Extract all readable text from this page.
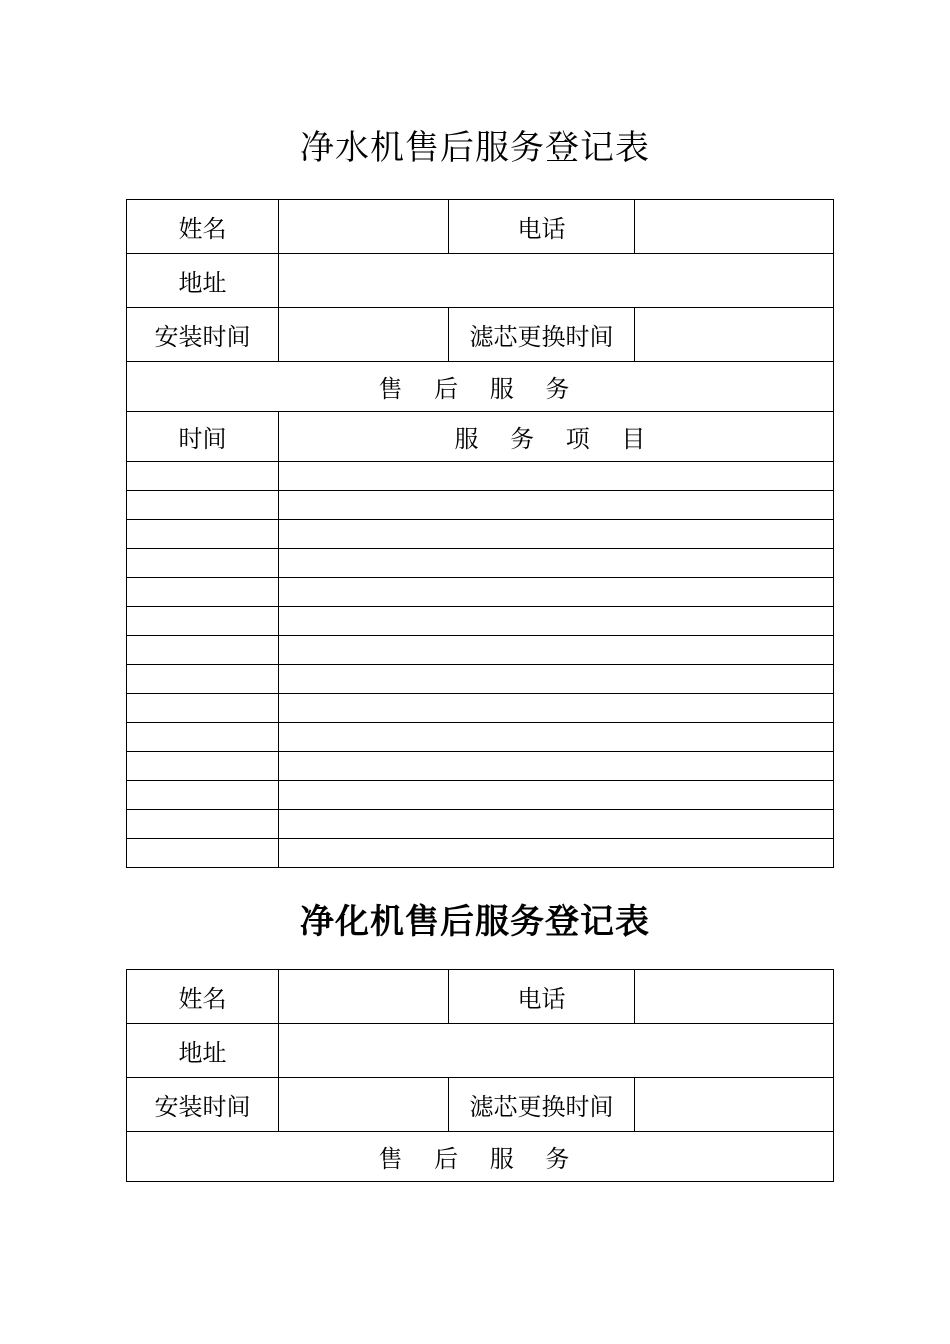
净水机售后服务登记表
姓名		电话	
地址			
安装时间		滤芯更换时间	
售 后 服 务			
时间	服 务 项 目		

净化机售后服务登记表
姓名		电话	
地址			
安装时间		滤芯更换时间	
售 后 服 务			
